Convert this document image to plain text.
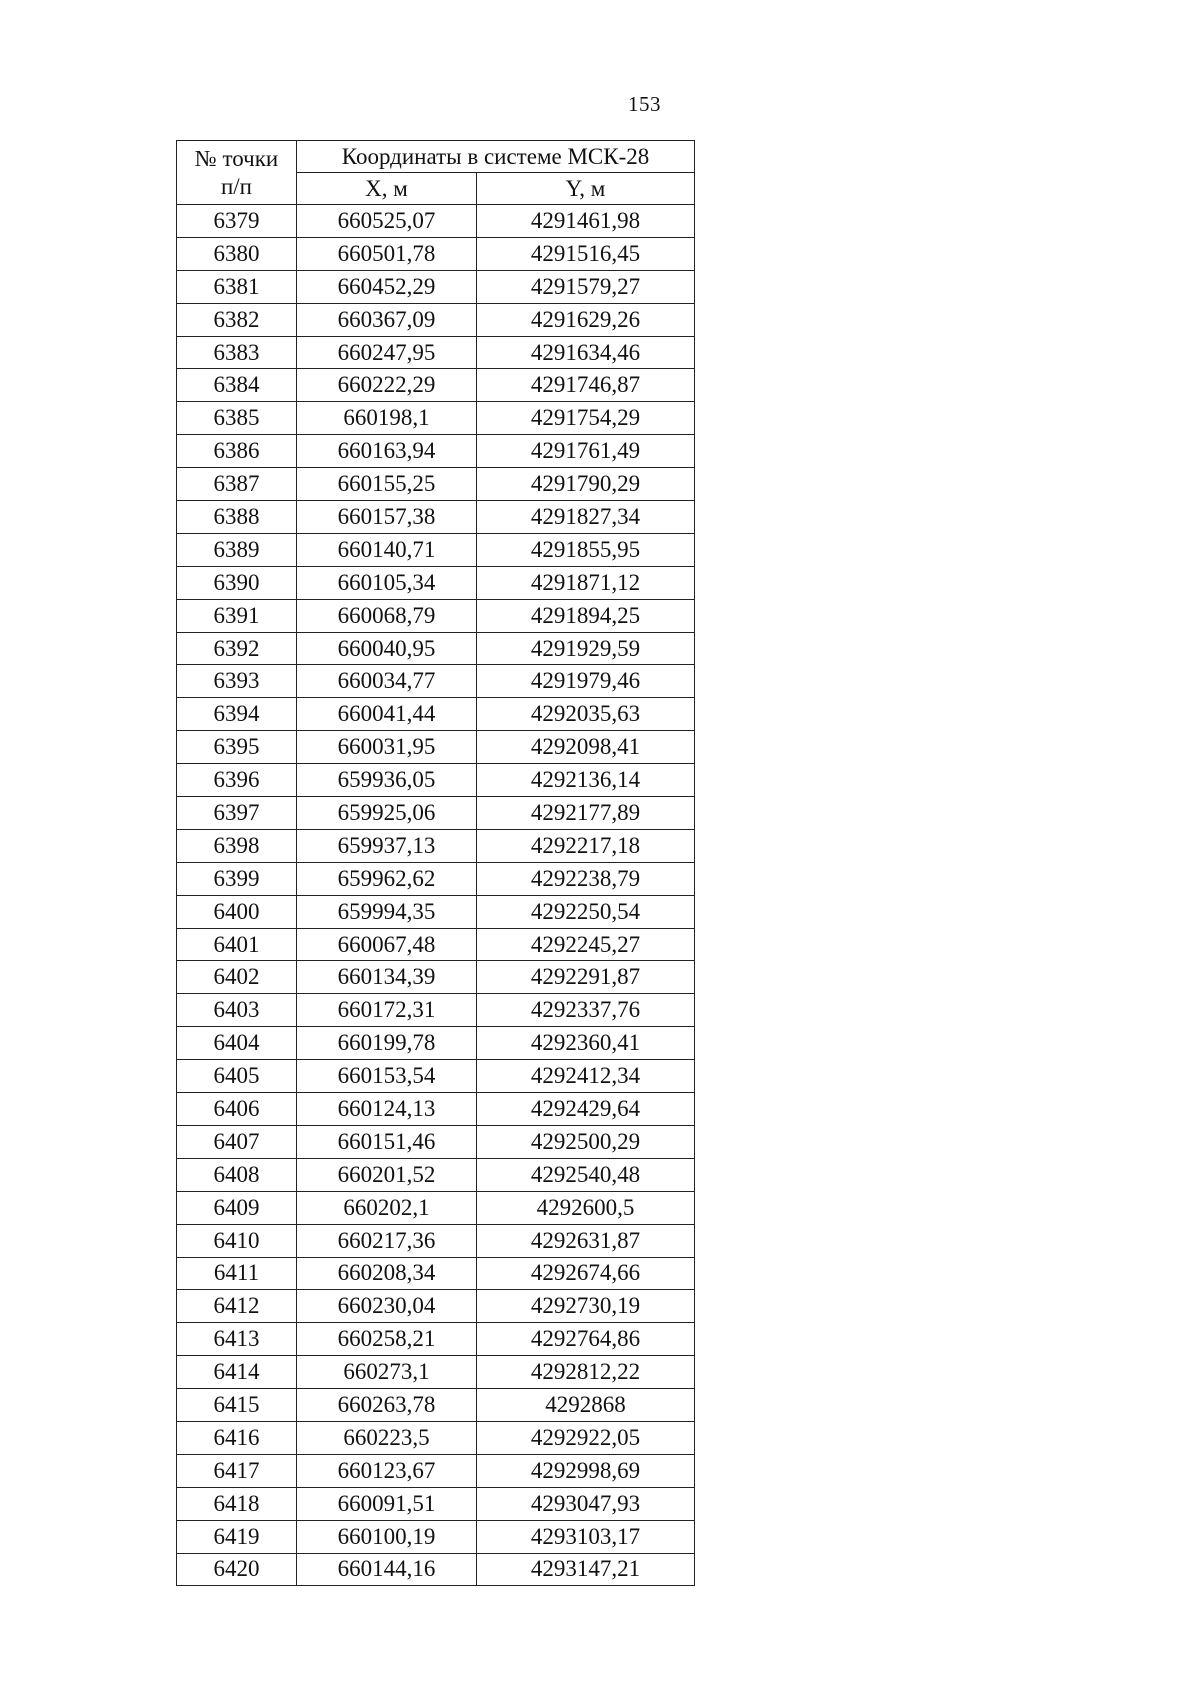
153
№ точки
п/п	Координаты в системе МСК-28	
	X, м	Y, м
6379	660525,07	4291461,98
6380	660501,78	4291516,45
6381	660452,29	4291579,27
6382	660367,09	4291629,26
6383	660247,95	4291634,46
6384	660222,29	4291746,87
6385	660198,1	4291754,29
6386	660163,94	4291761,49
6387	660155,25	4291790,29
6388	660157,38	4291827,34
6389	660140,71	4291855,95
6390	660105,34	4291871,12
6391	660068,79	4291894,25
6392	660040,95	4291929,59
6393	660034,77	4291979,46
6394	660041,44	4292035,63
6395	660031,95	4292098,41
6396	659936,05	4292136,14
6397	659925,06	4292177,89
6398	659937,13	4292217,18
6399	659962,62	4292238,79
6400	659994,35	4292250,54
6401	660067,48	4292245,27
6402	660134,39	4292291,87
6403	660172,31	4292337,76
6404	660199,78	4292360,41
6405	660153,54	4292412,34
6406	660124,13	4292429,64
6407	660151,46	4292500,29
6408	660201,52	4292540,48
6409	660202,1	4292600,5
6410	660217,36	4292631,87
6411	660208,34	4292674,66
6412	660230,04	4292730,19
6413	660258,21	4292764,86
6414	660273,1	4292812,22
6415	660263,78	4292868
6416	660223,5	4292922,05
6417	660123,67	4292998,69
6418	660091,51	4293047,93
6419	660100,19	4293103,17
6420	660144,16	4293147,21
